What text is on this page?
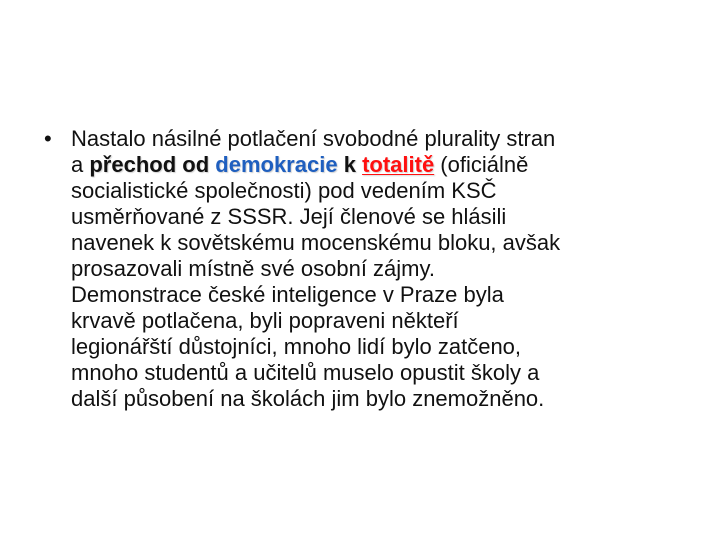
• Nastalo násilné potlačení svobodné plurality stran
a přechod od demokracie k totalitě (oficiálně
socialistické společnosti) pod vedením KSČ
usměrňované z SSSR. Její členové se hlásili
navenek k sovětskému mocenskému bloku, avšak
prosazovali místně své osobní zájmy.
Demonstrace české inteligence v Praze byla
krvavě potlačena, byli popraveni někteří
legionářští důstojníci, mnoho lidí bylo zatčeno,
mnoho studentů a učitelů muselo opustit školy a
další působení na školách jim bylo znemožněno.
